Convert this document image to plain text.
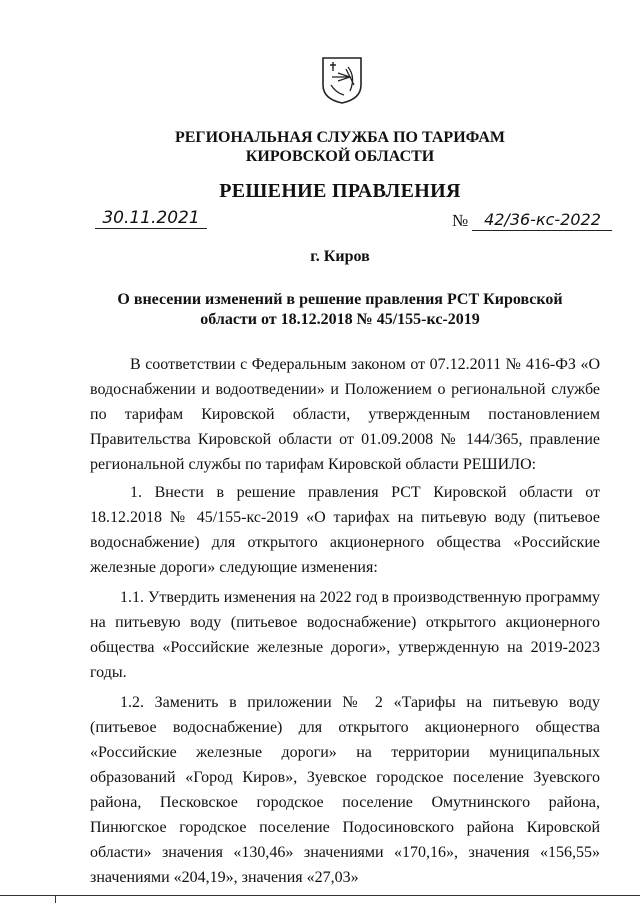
РЕГИОНАЛЬНАЯ СЛУЖБА ПО ТАРИФАМ
КИРОВСКОЙ ОБЛАСТИ
РЕШЕНИЕ ПРАВЛЕНИЯ
30.11.2021	№ 42/36-кс-2022
г. Киров
О внесении изменений в решение правления РСТ Кировской
области от 18.12.2018 № 45/155-кс-2019

В соответствии с Федеральным законом от 07.12.2011 № 416-ФЗ «О водоснабжении и водоотведении» и Положением о региональной службе по тарифам Кировской области, утвержденным постановлением Правительства Кировской области от 01.09.2008 № 144/365, правление региональной службы по тарифам Кировской области РЕШИЛО:

1. Внести в решение правления РСТ Кировской области от 18.12.2018 № 45/155-кс-2019 «О тарифах на питьевую воду (питьевое водоснабжение) для открытого акционерного общества «Российские железные дороги» следующие изменения:

1.1. Утвердить изменения на 2022 год в производственную программу на питьевую воду (питьевое водоснабжение) открытого акционерного общества «Российские железные дороги», утвержденную на 2019-2023 годы.

1.2. Заменить в приложении № 2 «Тарифы на питьевую воду (питьевое водоснабжение) для открытого акционерного общества «Российские железные дороги» на территории муниципальных образований «Город Киров», Зуевское городское поселение Зуевского района, Песковское городское поселение Омутнинского района, Пинюгское городское поселение Подосиновского района Кировской области» значения «130,46» значениями «170,16», значения «156,55» значениями «204,19», значения «27,03»
